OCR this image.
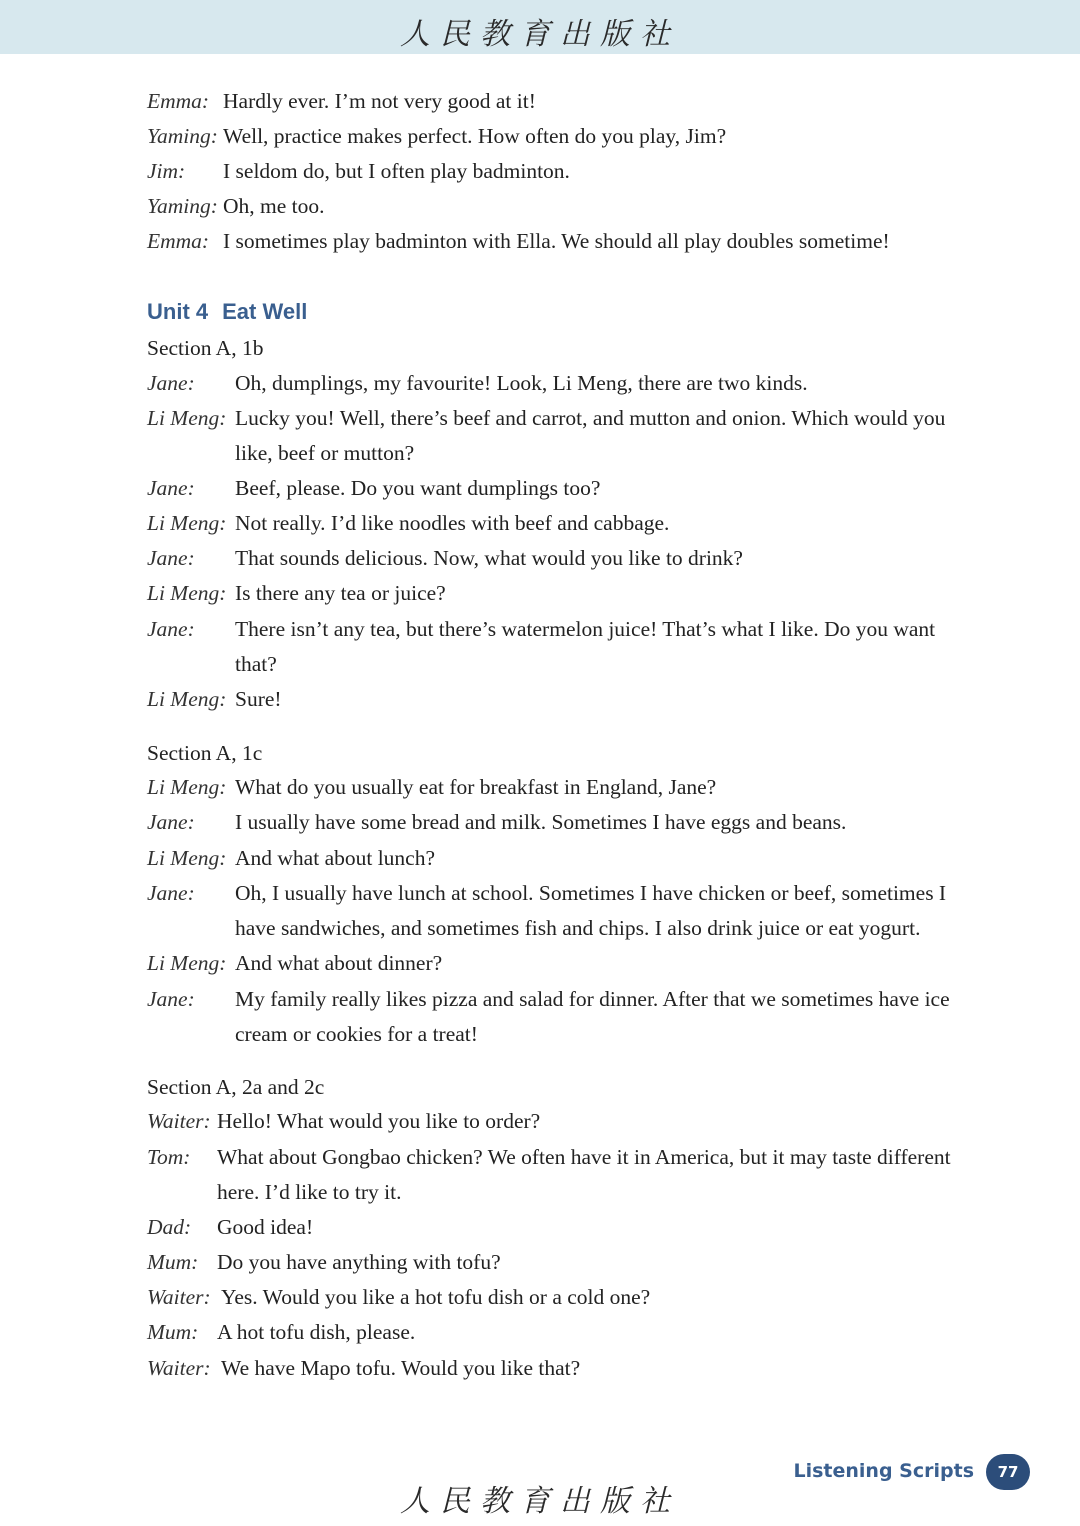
人民教育出版社
Emma: Hardly ever. I’m not very good at it!
Yaming: Well, practice makes perfect. How often do you play, Jim?
Jim: I seldom do, but I often play badminton.
Yaming: Oh, me too.
Emma: I sometimes play badminton with Ella. We should all play doubles sometime!
Unit 4 Eat Well
Section A, 1b
Jane: Oh, dumplings, my favourite! Look, Li Meng, there are two kinds.
Li Meng: Lucky you! Well, there’s beef and carrot, and mutton and onion. Which would you
like, beef or mutton?
Jane: Beef, please. Do you want dumplings too?
Li Meng: Not really. I’d like noodles with beef and cabbage.
Jane: That sounds delicious. Now, what would you like to drink?
Li Meng: Is there any tea or juice?
Jane: There isn’t any tea, but there’s watermelon juice! That’s what I like. Do you want
that?
Li Meng: Sure!
Section A, 1c
Li Meng: What do you usually eat for breakfast in England, Jane?
Jane: I usually have some bread and milk. Sometimes I have eggs and beans.
Li Meng: And what about lunch?
Jane: Oh, I usually have lunch at school. Sometimes I have chicken or beef, sometimes I
have sandwiches, and sometimes fish and chips. I also drink juice or eat yogurt.
Li Meng: And what about dinner?
Jane: My family really likes pizza and salad for dinner. After that we sometimes have ice
cream or cookies for a treat!
Section A, 2a and 2c
Waiter: Hello! What would you like to order?
Tom: What about Gongbao chicken? We often have it in America, but it may taste different
here. I’d like to try it.
Dad: Good idea!
Mum: Do you have anything with tofu?
Waiter: Yes. Would you like a hot tofu dish or a cold one?
Mum: A hot tofu dish, please.
Waiter: We have Mapo tofu. Would you like that?
Listening Scripts	77
人民教育出版社
